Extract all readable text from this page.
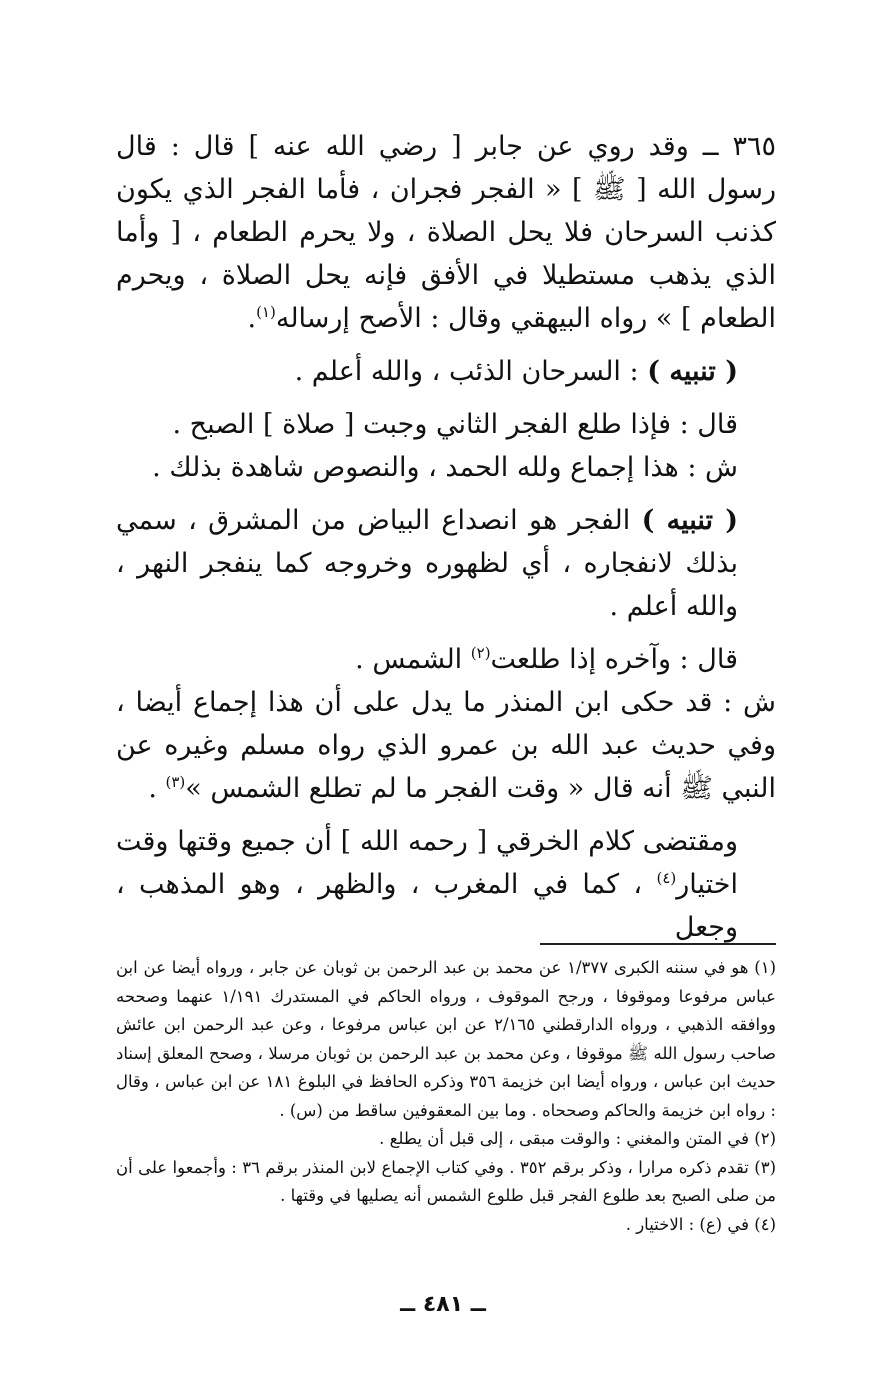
٣٦٥ ــ وقد روي عن جابر [ رضي الله عنه ] قال : قال رسول الله [ ﷺ ] « الفجر فجران ، فأما الفجر الذي يكون كذنب السرحان فلا يحل الصلاة ، ولا يحرم الطعام ، [ وأما الذي يذهب مستطيلا في الأفق فإنه يحل الصلاة ، ويحرم الطعام ] » رواه البيهقي وقال : الأصح إرساله$^{(١)}$.

( تنبيه ) : السرحان الذئب ، والله أعلم .

قال : فإذا طلع الفجر الثاني وجبت [ صلاة ] الصبح .

ش : هذا إجماع ولله الحمد ، والنصوص شاهدة بذلك .

( تنبيه ) الفجر هو انصداع البياض من المشرق ، سمي بذلك لانفجاره ، أي لظهوره وخروجه كما ينفجر النهر ، والله أعلم .

قال : وآخره إذا طلعت$^{(٢)}$ الشمس .

ش : قد حكى ابن المنذر ما يدل على أن هذا إجماع أيضا ، وفي حديث عبد الله بن عمرو الذي رواه مسلم وغيره عن النبي ﷺ أنه قال « وقت الفجر ما لم تطلع الشمس »$^{(٣)}$ .

ومقتضى كلام الخرقي [ رحمه الله ] أن جميع وقتها وقت اختيار$^{(٤)}$ ، كما في المغرب ، والظهر ، وهو المذهب ، وجعل

(١) هو في سننه الكبرى ١/٣٧٧ عن محمد بن عبد الرحمن بن ثوبان عن جابر ، ورواه أيضا عن ابن عباس مرفوعا وموقوفا ، ورجح الموقوف ، ورواه الحاكم في المستدرك ١/١٩١ عنهما وصححه ووافقه الذهبي ، ورواه الدارقطني ٢/١٦٥ عن ابن عباس مرفوعا ، وعن عبد الرحمن ابن عائش صاحب رسول الله ﷺ موقوفا ، وعن محمد بن عبد الرحمن بن ثوبان مرسلا ، وصحح المعلق إسناد حديث ابن عباس ، ورواه أيضا ابن خزيمة ٣٥٦ وذكره الحافظ في البلوغ ١٨١ عن ابن عباس ، وقال : رواه ابن خزيمة والحاكم وصححاه . وما بين المعقوفين ساقط من (س) .

(٢) في المتن والمغني : والوقت مبقى ، إلى قبل أن يطلع .

(٣) تقدم ذكره مرارا ، وذكر برقم ٣٥٢ . وفي كتاب الإجماع لابن المنذر برقم ٣٦ : وأجمعوا على أن من صلى الصبح بعد طلوع الفجر قبل طلوع الشمس أنه يصليها في وقتها .

(٤) في (ع) : الاختيار .

ــ ٤٨١ ــ
